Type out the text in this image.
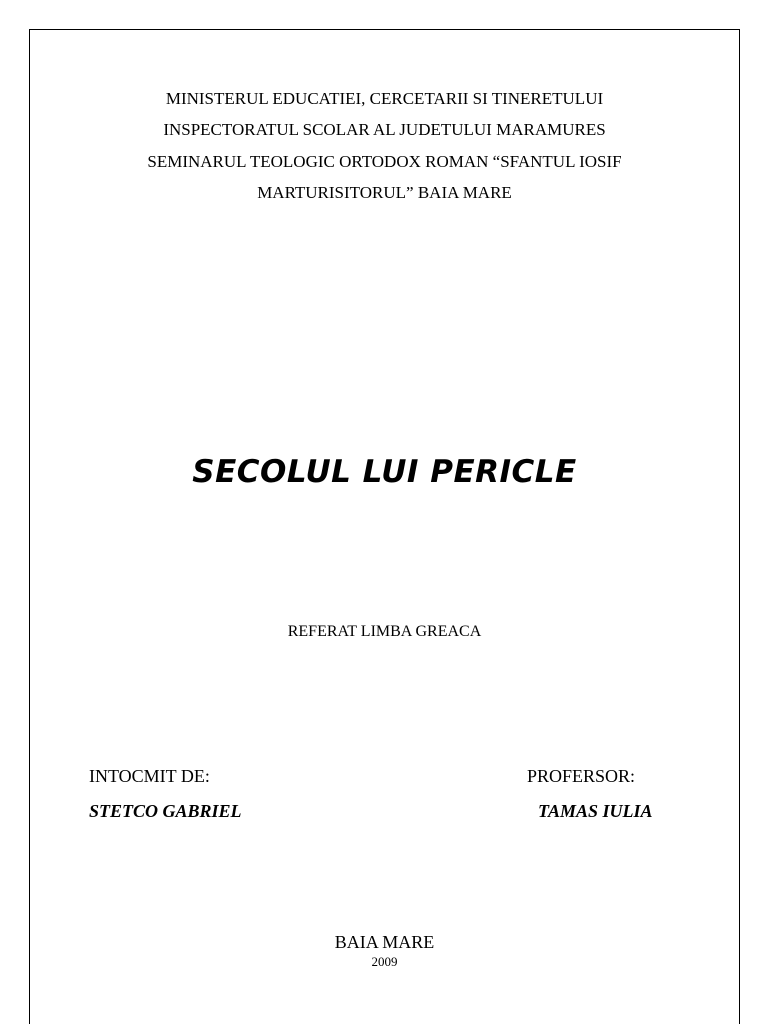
MINISTERUL EDUCATIEI, CERCETARII SI TINERETULUI
INSPECTORATUL SCOLAR AL JUDETULUI MARAMURES
SEMINARUL TEOLOGIC ORTODOX ROMAN “SFANTUL IOSIF
MARTURISITORUL” BAIA MARE
SECOLUL LUI PERICLE
REFERAT LIMBA GREACA
INTOCMIT DE:
STETCO GABRIEL
PROFERSOR:
TAMAS IULIA
BAIA MARE
2009
